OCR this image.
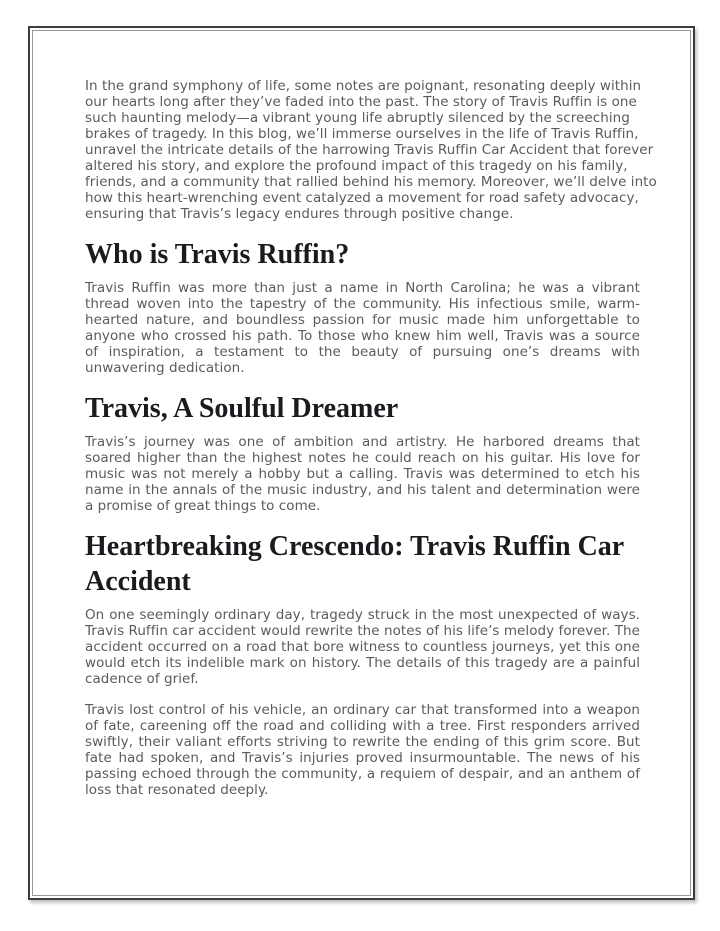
In the grand symphony of life, some notes are poignant, resonating deeply within our hearts long after they’ve faded into the past. The story of Travis Ruffin is one such haunting melody—a vibrant young life abruptly silenced by the screeching brakes of tragedy. In this blog, we’ll immerse ourselves in the life of Travis Ruffin, unravel the intricate details of the harrowing Travis Ruffin Car Accident that forever altered his story, and explore the profound impact of this tragedy on his family, friends, and a community that rallied behind his memory. Moreover, we’ll delve into how this heart-wrenching event catalyzed a movement for road safety advocacy, ensuring that Travis’s legacy endures through positive change.

Who is Travis Ruffin?

Travis Ruffin was more than just a name in North Carolina; he was a vibrant thread woven into the tapestry of the community. His infectious smile, warm-hearted nature, and boundless passion for music made him unforgettable to anyone who crossed his path. To those who knew him well, Travis was a source of inspiration, a testament to the beauty of pursuing one’s dreams with unwavering dedication.

Travis, A Soulful Dreamer

Travis’s journey was one of ambition and artistry. He harbored dreams that soared higher than the highest notes he could reach on his guitar. His love for music was not merely a hobby but a calling. Travis was determined to etch his name in the annals of the music industry, and his talent and determination were a promise of great things to come.

Heartbreaking Crescendo: Travis Ruffin Car Accident

On one seemingly ordinary day, tragedy struck in the most unexpected of ways. Travis Ruffin car accident would rewrite the notes of his life’s melody forever. The accident occurred on a road that bore witness to countless journeys, yet this one would etch its indelible mark on history. The details of this tragedy are a painful cadence of grief.

Travis lost control of his vehicle, an ordinary car that transformed into a weapon of fate, careening off the road and colliding with a tree. First responders arrived swiftly, their valiant efforts striving to rewrite the ending of this grim score. But fate had spoken, and Travis’s injuries proved insurmountable. The news of his passing echoed through the community, a requiem of despair, and an anthem of loss that resonated deeply.
